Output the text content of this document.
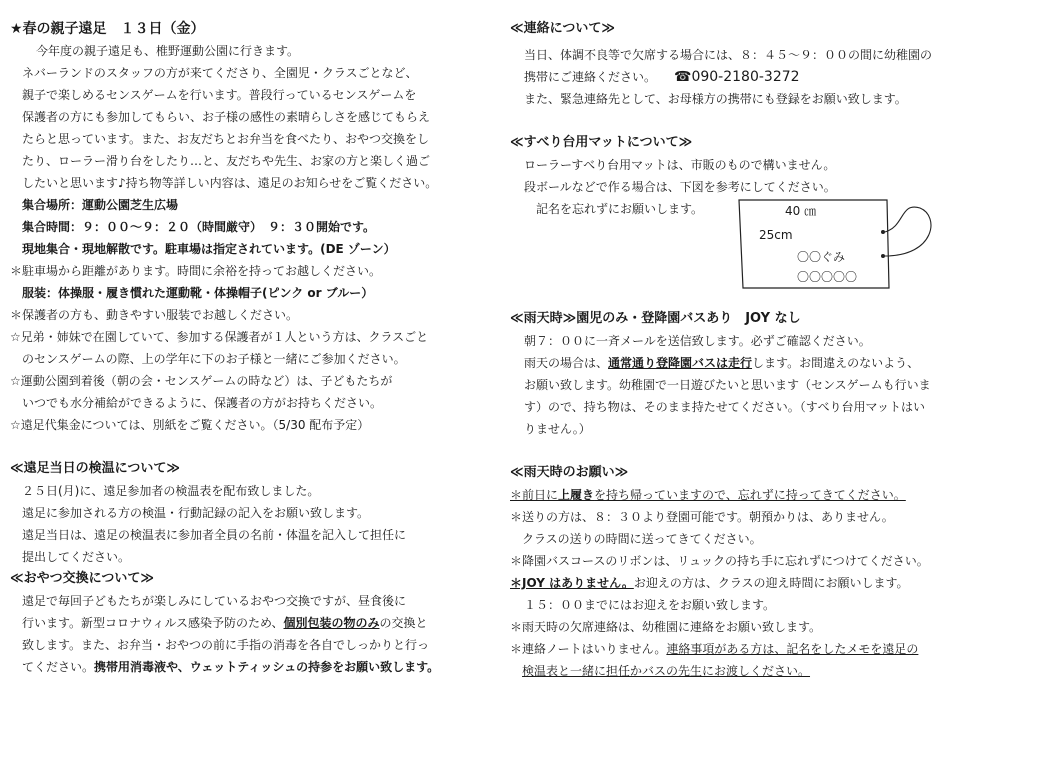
★春の親子遠足　１３日（金）
今年度の親子遠足も、椎野運動公園に行きます。
ネバーランドのスタッフの方が来てくださり、全園児・クラスごとなど、
親子で楽しめるセンスゲームを行います。普段行っているセンスゲームを
保護者の方にも参加してもらい、お子様の感性の素晴らしさを感じてもらえ
たらと思っています。また、お友だちとお弁当を食べたり、おやつ交換をし
たり、ローラー滑り台をしたり…と、友だちや先生、お家の方と楽しく過ご
したいと思います♪持ち物等詳しい内容は、遠足のお知らせをご覧ください。
集合場所：運動公園芝生広場
集合時間：９：００～９：２０（時間厳守）　９：３０開始です。
現地集合・現地解散です。駐車場は指定されています。(DE ゾーン）
＊駐車場から距離があります。時間に余裕を持ってお越しください。
服装：体操服・履き慣れた運動靴・体操帽子(ピンク or ブルー）
＊保護者の方も、動きやすい服装でお越しください。
☆兄弟・姉妹で在園していて、参加する保護者が１人という方は、クラスごと
のセンスゲームの際、上の学年に下のお子様と一緒にご参加ください。
☆運動公園到着後（朝の会・センスゲームの時など）は、子どもたちが
いつでも水分補給ができるように、保護者の方がお持ちください。
☆遠足代集金については、別紙をご覧ください。（5/30 配布予定）
≪遠足当日の検温について≫
２５日(月)に、遠足参加者の検温表を配布致しました。
遠足に参加される方の検温・行動記録の記入をお願い致します。
遠足当日は、遠足の検温表に参加者全員の名前・体温を記入して担任に
提出してください。
≪おやつ交換について≫
遠足で毎回子どもたちが楽しみにしているおやつ交換ですが、昼食後に
行います。新型コロナウィルス感染予防のため、個別包装の物のみの交換と
致します。また、お弁当・おやつの前に手指の消毒を各自でしっかりと行っ
てください。携帯用消毒液や、ウェットティッシュの持参をお願い致します。
≪連絡について≫
当日、体調不良等で欠席する場合には、８：４５～９：００の間に幼稚園の
携帯にご連絡ください。 ☎090-2180-3272
また、緊急連絡先として、お母様方の携帯にも登録をお願い致します。
≪すべり台用マットについて≫
ローラーすべり台用マットは、市販のもので構いません。
段ボールなどで作る場合は、下図を参考にしてください。
記名を忘れずにお願いします。	40 ㎝
25cm
〇〇ぐみ
〇〇〇〇〇
≪雨天時≫園児のみ・登降園バスあり　JOY なし
朝７：００に一斉メールを送信致します。必ずご確認ください。
雨天の場合は、通常通り登降園バスは走行します。お間違えのないよう、
お願い致します。幼稚園で一日遊びたいと思います（センスゲームも行いま
す）ので、持ち物は、そのまま持たせてください。（すべり台用マットはい
りません。）
≪雨天時のお願い≫
＊前日に上履きを持ち帰っていますので、忘れずに持ってきてください。
＊送りの方は、８：３０より登園可能です。朝預かりは、ありません。
クラスの送りの時間に送ってきてください。
＊降園バスコースのリボンは、リュックの持ち手に忘れずにつけてください。
＊JOY はありません。お迎えの方は、クラスの迎え時間にお願いします。
１５：００までにはお迎えをお願い致します。
＊雨天時の欠席連絡は、幼稚園に連絡をお願い致します。
＊連絡ノートはいりません。連絡事項がある方は、記名をしたメモを遠足の
検温表と一緒に担任かバスの先生にお渡しください。
